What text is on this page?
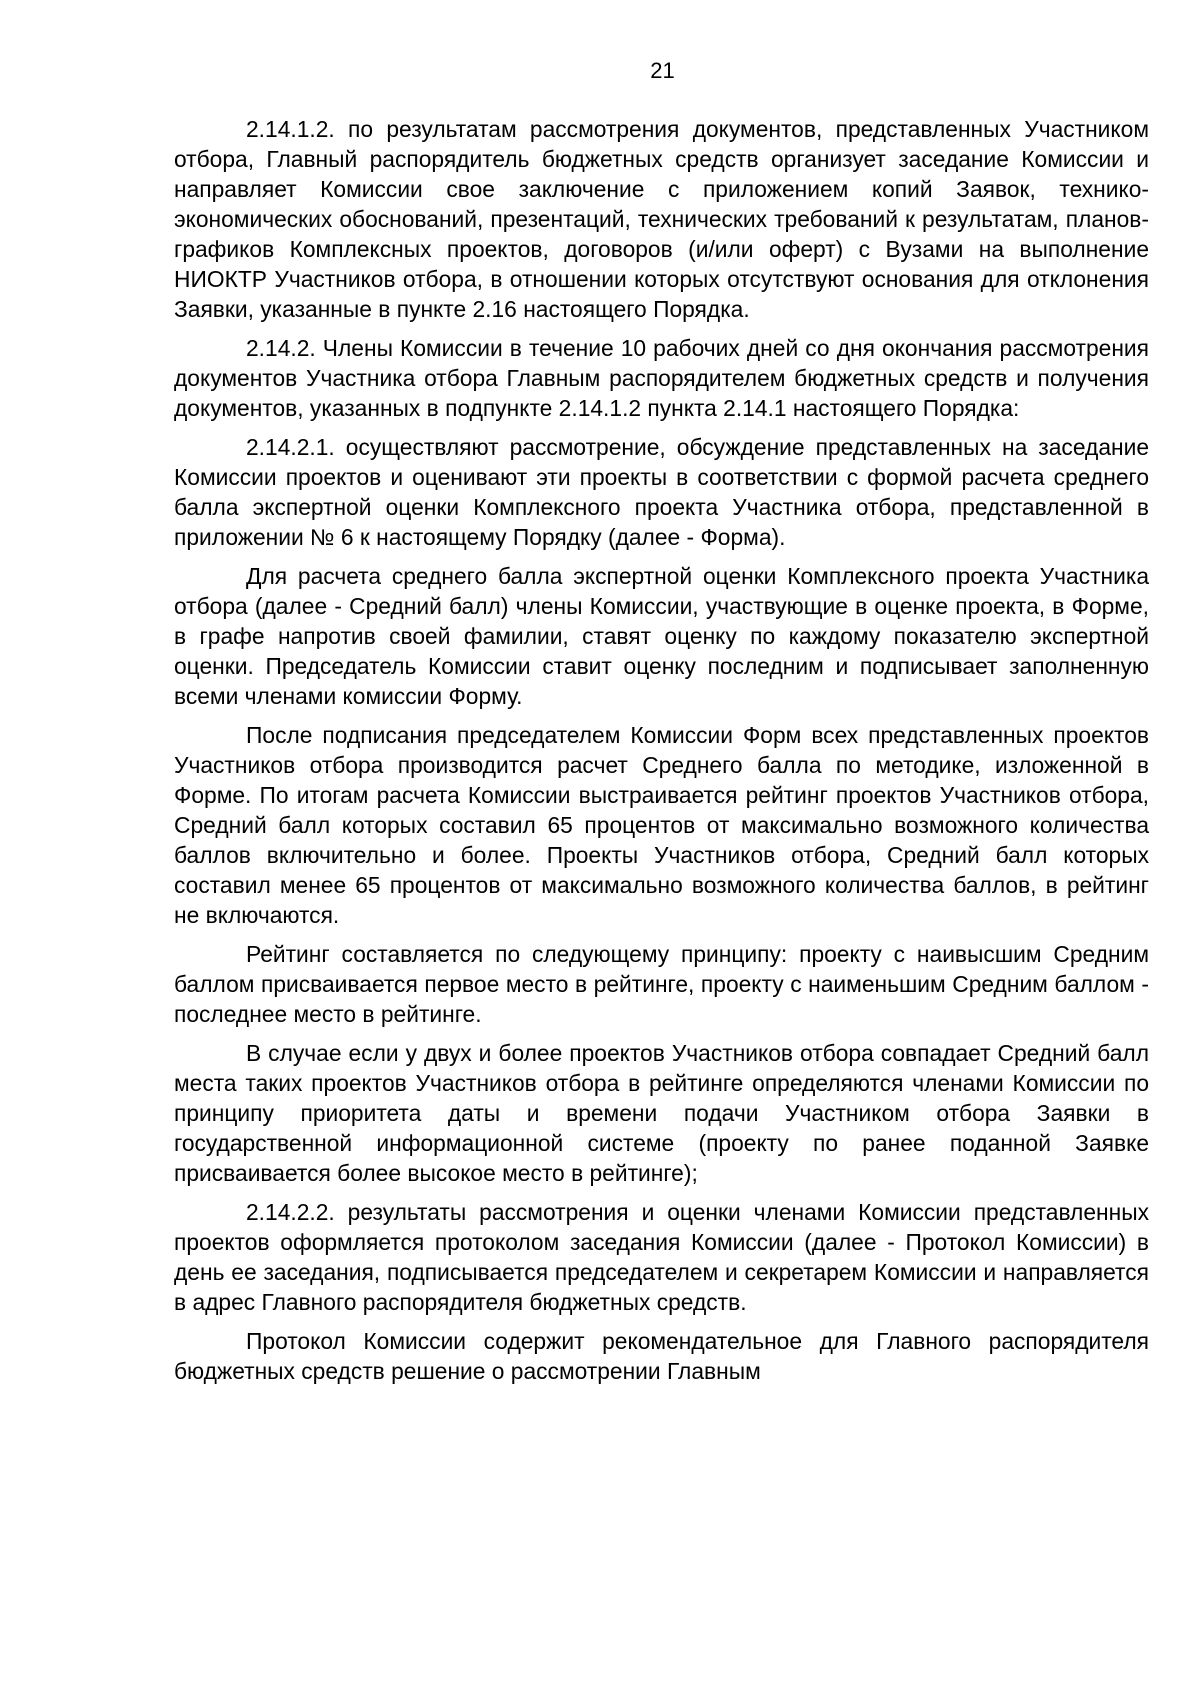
21

2.14.1.2. по результатам рассмотрения документов, представленных Участником отбора, Главный распорядитель бюджетных средств организует заседание Комиссии и направляет Комиссии свое заключение с приложением копий Заявок, технико-экономических обоснований, презентаций, технических требований к результатам, планов-графиков Комплексных проектов, договоров (и/или оферт) с Вузами на выполнение НИОКТР Участников отбора, в отношении которых отсутствуют основания для отклонения Заявки, указанные в пункте 2.16 настоящего Порядка.

2.14.2. Члены Комиссии в течение 10 рабочих дней со дня окончания рассмотрения документов Участника отбора Главным распорядителем бюджетных средств и получения документов, указанных в подпункте 2.14.1.2 пункта 2.14.1 настоящего Порядка:

2.14.2.1. осуществляют рассмотрение, обсуждение представленных на заседание Комиссии проектов и оценивают эти проекты в соответствии с формой расчета среднего балла экспертной оценки Комплексного проекта Участника отбора, представленной в приложении № 6 к настоящему Порядку (далее - Форма).

Для расчета среднего балла экспертной оценки Комплексного проекта Участника отбора (далее - Средний балл) члены Комиссии, участвующие в оценке проекта, в Форме, в графе напротив своей фамилии, ставят оценку по каждому показателю экспертной оценки. Председатель Комиссии ставит оценку последним и подписывает заполненную всеми членами комиссии Форму.

После подписания председателем Комиссии Форм всех представленных проектов Участников отбора производится расчет Среднего балла по методике, изложенной в Форме. По итогам расчета Комиссии выстраивается рейтинг проектов Участников отбора, Средний балл которых составил 65 процентов от максимально возможного количества баллов включительно и более. Проекты Участников отбора, Средний балл которых составил менее 65 процентов от максимально возможного количества баллов, в рейтинг не включаются.

Рейтинг составляется по следующему принципу: проекту с наивысшим Средним баллом присваивается первое место в рейтинге, проекту с наименьшим Средним баллом - последнее место в рейтинге.

В случае если у двух и более проектов Участников отбора совпадает Средний балл места таких проектов Участников отбора в рейтинге определяются членами Комиссии по принципу приоритета даты и времени подачи Участником отбора Заявки в государственной информационной системе (проекту по ранее поданной Заявке присваивается более высокое место в рейтинге);

2.14.2.2. результаты рассмотрения и оценки членами Комиссии представленных проектов оформляется протоколом заседания Комиссии (далее - Протокол Комиссии) в день ее заседания, подписывается председателем и секретарем Комиссии и направляется в адрес Главного распорядителя бюджетных средств.

Протокол Комиссии содержит рекомендательное для Главного распорядителя бюджетных средств решение о рассмотрении Главным
